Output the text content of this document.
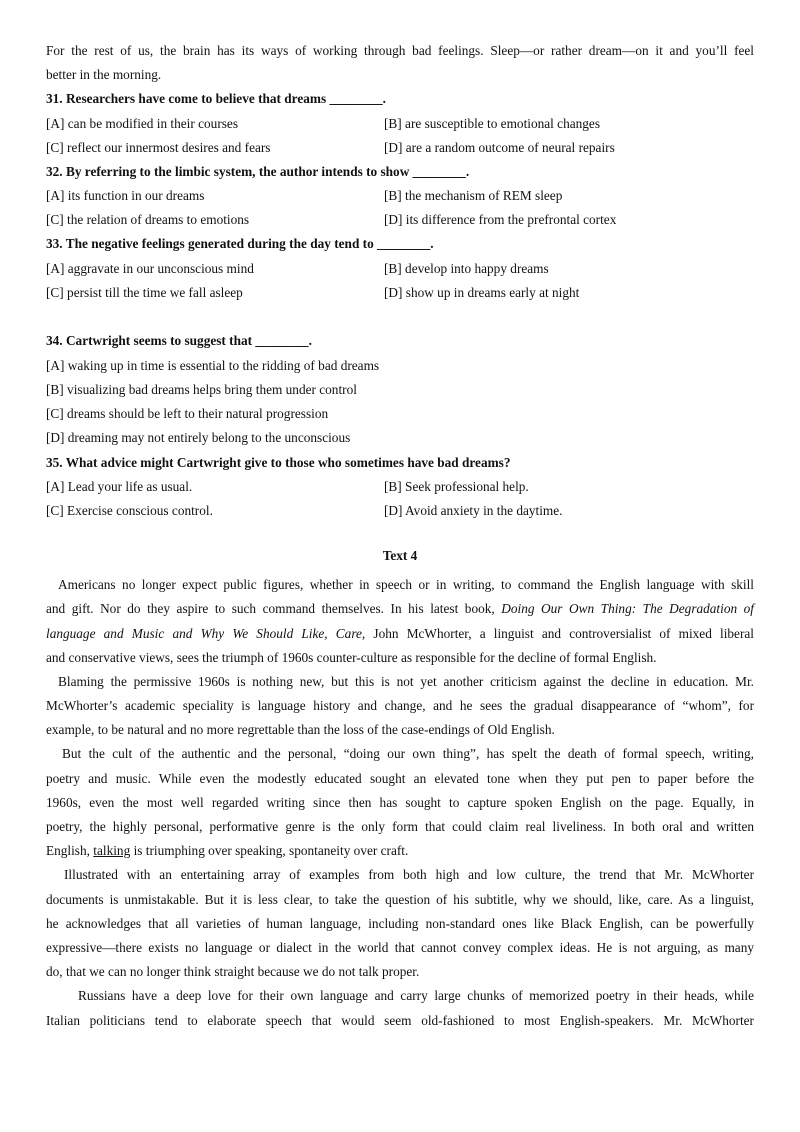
For the rest of us, the brain has its ways of working through bad feelings. Sleep—or rather dream—on it and you’ll feel
better in the morning.
31. Researchers have come to believe that dreams ________.
[A] can be modified in their courses	[B] are susceptible to emotional changes
[C] reflect our innermost desires and fears	[D] are a random outcome of neural repairs
32. By referring to the limbic system, the author intends to show ________.
[A] its function in our dreams	[B] the mechanism of REM sleep
[C] the relation of dreams to emotions	[D] its difference from the prefrontal cortex
33. The negative feelings generated during the day tend to ________.
[A] aggravate in our unconscious mind	[B] develop into happy dreams
[C] persist till the time we fall asleep	[D] show up in dreams early at night
34. Cartwright seems to suggest that ________.
[A] waking up in time is essential to the ridding of bad dreams
[B] visualizing bad dreams helps bring them under control
[C] dreams should be left to their natural progression
[D] dreaming may not entirely belong to the unconscious
35. What advice might Cartwright give to those who sometimes have bad dreams?
[A] Lead your life as usual.	[B] Seek professional help.
[C] Exercise conscious control.	[D] Avoid anxiety in the daytime.
Text 4
Americans no longer expect public figures, whether in speech or in writing, to command the English language with skill
and gift. Nor do they aspire to such command themselves. In his latest book, Doing Our Own Thing: The Degradation of
language and Music and Why We Should Like, Care, John McWhorter, a linguist and controversialist of mixed liberal
and conservative views, sees the triumph of 1960s counter-culture as responsible for the decline of formal English.
Blaming the permissive 1960s is nothing new, but this is not yet another criticism against the decline in education. Mr.
McWhorter’s academic speciality is language history and change, and he sees the gradual disappearance of “whom”, for
example, to be natural and no more regrettable than the loss of the case-endings of Old English.
But the cult of the authentic and the personal, “doing our own thing”, has spelt the death of formal speech, writing,
poetry and music. While even the modestly educated sought an elevated tone when they put pen to paper before the
1960s, even the most well regarded writing since then has sought to capture spoken English on the page. Equally, in
poetry, the highly personal, performative genre is the only form that could claim real liveliness. In both oral and written
English, talking is triumphing over speaking, spontaneity over craft.
Illustrated with an entertaining array of examples from both high and low culture, the trend that Mr. McWhorter
documents is unmistakable. But it is less clear, to take the question of his subtitle, why we should, like, care. As a linguist,
he acknowledges that all varieties of human language, including non-standard ones like Black English, can be powerfully
expressive—there exists no language or dialect in the world that cannot convey complex ideas. He is not arguing, as many
do, that we can no longer think straight because we do not talk proper.
Russians have a deep love for their own language and carry large chunks of memorized poetry in their heads, while
Italian politicians tend to elaborate speech that would seem old-fashioned to most English-speakers. Mr. McWhorter
